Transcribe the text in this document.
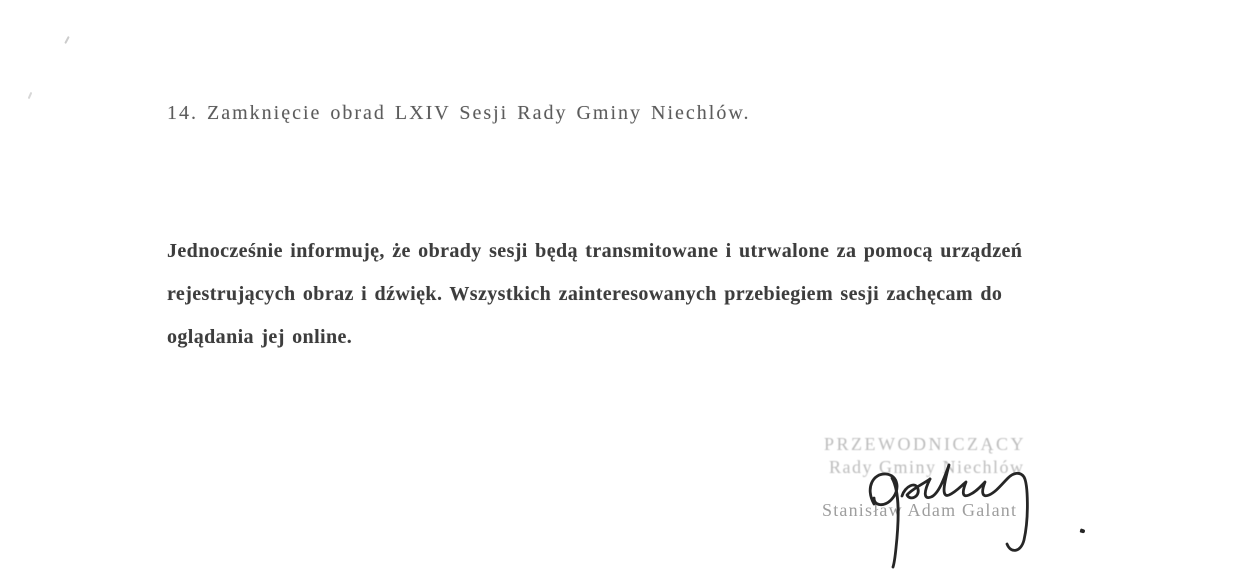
14. Zamknięcie obrad LXIV Sesji Rady Gminy Niechlów.
Jednocześnie informuję, że obrady sesji będą transmitowane i utrwalone za pomocą urządzeń
rejestrujących obraz i dźwięk. Wszystkich zainteresowanych przebiegiem sesji zachęcam do
oglądania jej online.
PRZEWODNICZĄCY
Rady Gminy Niechlów
Stanisław Adam Galant
